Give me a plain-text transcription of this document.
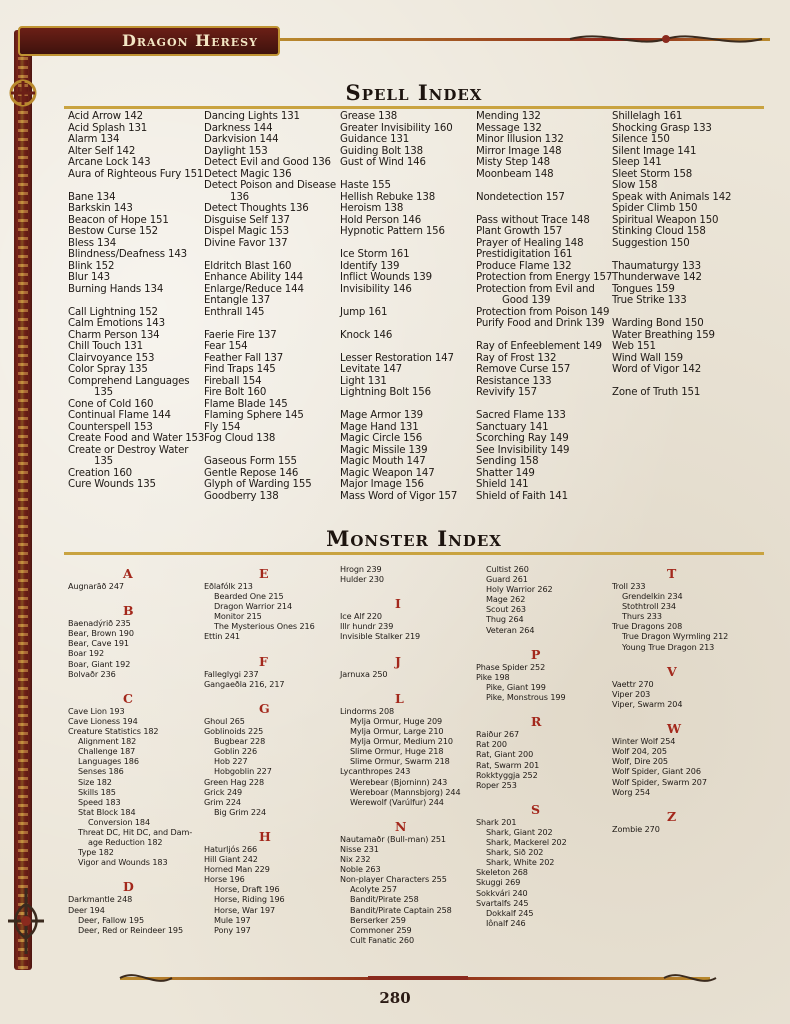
Dragon Heresy
Spell Index
Acid Arrow 142
Acid Splash 131
Alarm 134
Alter Self 142
Arcane Lock 143
Aura of Righteous Fury 151
Bane 134
Barkskin 143
Beacon of Hope 151
Bestow Curse 152
Bless 134
Blindness/Deafness 143
Blink 152
Blur 143
Burning Hands 134
Call Lightning 152
Calm Emotions 143
Charm Person 134
Chill Touch 131
Clairvoyance 153
Color Spray 135
Comprehend Languages
135
Cone of Cold 160
Continual Flame 144
Counterspell 153
Create Food and Water 153
Create or Destroy Water
135
Creation 160
Cure Wounds 135
Dancing Lights 131
Darkness 144
Darkvision 144
Daylight 153
Detect Evil and Good 136
Detect Magic 136
Detect Poison and Disease
136
Detect Thoughts 136
Disguise Self 137
Dispel Magic 153
Divine Favor 137
Eldritch Blast 160
Enhance Ability 144
Enlarge/Reduce 144
Entangle 137
Enthrall 145
Faerie Fire 137
Fear 154
Feather Fall 137
Find Traps 145
Fireball 154
Fire Bolt 160
Flame Blade 145
Flaming Sphere 145
Fly 154
Fog Cloud 138
Gaseous Form 155
Gentle Repose 146
Glyph of Warding 155
Goodberry 138
Grease 138
Greater Invisibility 160
Guidance 131
Guiding Bolt 138
Gust of Wind 146
Haste 155
Hellish Rebuke 138
Heroism 138
Hold Person 146
Hypnotic Pattern 156
Ice Storm 161
Identify 139
Inflict Wounds 139
Invisibility 146
Jump 161
Knock 146
Lesser Restoration 147
Levitate 147
Light 131
Lightning Bolt 156
Mage Armor 139
Mage Hand 131
Magic Circle 156
Magic Missile 139
Magic Mouth 147
Magic Weapon 147
Major Image 156
Mass Word of Vigor 157
Mending 132
Message 132
Minor Illusion 132
Mirror Image 148
Misty Step 148
Moonbeam 148
Nondetection 157
Pass without Trace 148
Plant Growth 157
Prayer of Healing 148
Prestidigitation 161
Produce Flame 132
Protection from Energy 157
Protection from Evil and
Good 139
Protection from Poison 149
Purify Food and Drink 139
Ray of Enfeeblement 149
Ray of Frost 132
Remove Curse 157
Resistance 133
Revivify 157
Sacred Flame 133
Sanctuary 141
Scorching Ray 149
See Invisibility 149
Sending 158
Shatter 149
Shield 141
Shield of Faith 141
Shillelagh 161
Shocking Grasp 133
Silence 150
Silent Image 141
Sleep 141
Sleet Storm 158
Slow 158
Speak with Animals 142
Spider Climb 150
Spiritual Weapon 150
Stinking Cloud 158
Suggestion 150
Thaumaturgy 133
Thunderwave 142
Tongues 159
True Strike 133
Warding Bond 150
Water Breathing 159
Web 151
Wind Wall 159
Word of Vigor 142
Zone of Truth 151
Monster Index
A
Augnarāð 247
B
Baenadýrið 235
Bear, Brown 190
Bear, Cave 191
Boar 192
Boar, Giant 192
Bolvaðr 236
C
Cave Lion 193
Cave Lioness 194
Creature Statistics 182
Alignment 182
Challenge 187
Languages 186
Senses 186
Size 182
Skills 185
Speed 183
Stat Block 184
Conversion 184
Threat DC, Hit DC, and Dam-
age Reduction 182
Type 182
Vigor and Wounds 183
D
Darkmantle 248
Deer 194
Deer, Fallow 195
Deer, Red or Reindeer 195
E
Eðlafólk 213
Bearded One 215
Dragon Warrior 214
Monitor 215
The Mysterious Ones 216
Ettin 241
F
Falleglygi 237
Gangaeðla 216, 217
G
Ghoul 265
Goblinoids 225
Bugbear 228
Goblin 226
Hob 227
Hobgoblin 227
Green Hag 228
Grick 249
Grim 224
Big Grim 224
H
Haturljós 266
Hill Giant 242
Horned Man 229
Horse 196
Horse, Draft 196
Horse, Riding 196
Horse, War 197
Mule 197
Pony 197
Hrogn 239
Hulder 230
I
Ice Alf 220
Illr hundr 239
Invisible Stalker 219
J
Jarnuxa 250
L
Lindorms 208
Mylja Ormur, Huge 209
Mylja Ormur, Large 210
Mylja Ormur, Medium 210
Slime Ormur, Huge 218
Slime Ormur, Swarm 218
Lycanthropes 243
Werebear (Bjorninn) 243
Wereboar (Mannsbjorg) 244
Werewolf (Varúlfur) 244
N
Nautamaðr (Bull-man) 251
Nisse 231
Nix 232
Noble 263
Non-player Characters 255
Acolyte 257
Bandit/Pirate 258
Bandit/Pirate Captain 258
Berserker 259
Commoner 259
Cult Fanatic 260
Cultist 260
Guard 261
Holy Warrior 262
Mage 262
Scout 263
Thug 264
Veteran 264
P
Phase Spider 252
Pike 198
Pike, Giant 199
Pike, Monstrous 199
R
Raiður 267
Rat 200
Rat, Giant 200
Rat, Swarm 201
Rokktyggja 252
Roper 253
S
Shark 201
Shark, Giant 202
Shark, Mackerel 202
Shark, Sið 202
Shark, White 202
Skeleton 268
Skuggi 269
Sokkvári 240
Svartalfs 245
Dokkalf 245
Iônalf 246
T
Troll 233
Grendelkin 234
Stothtroll 234
Thurs 233
True Dragons 208
True Dragon Wyrmling 212
Young True Dragon 213
V
Vaettr 270
Viper 203
Viper, Swarm 204
W
Winter Wolf 254
Wolf 204, 205
Wolf, Dire 205
Wolf Spider, Giant 206
Wolf Spider, Swarm 207
Worg 254
Z
Zombie 270
280
